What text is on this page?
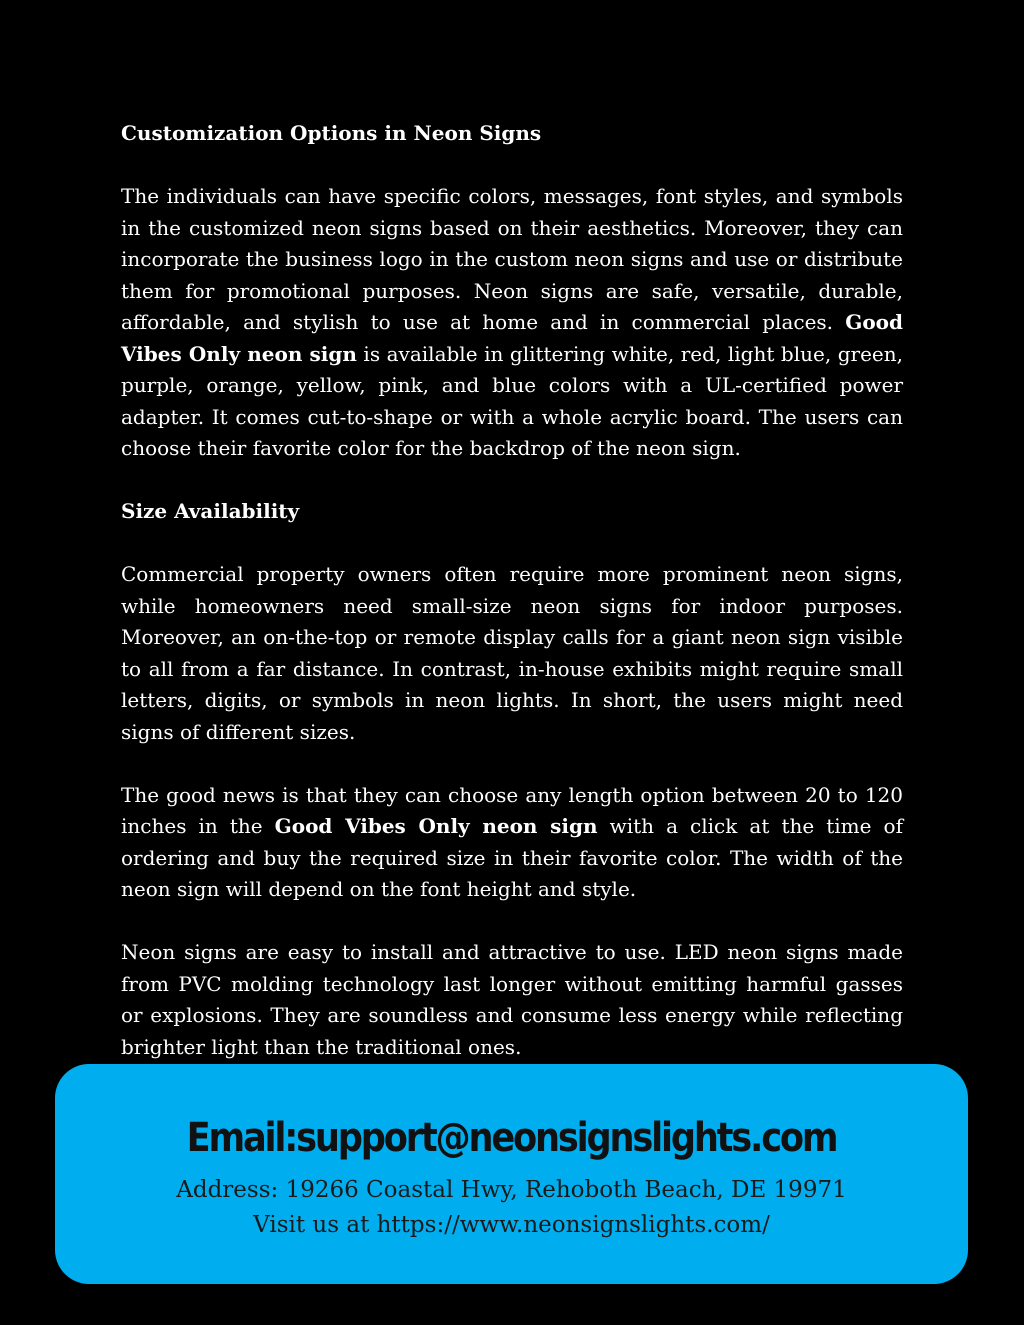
Customization Options in Neon Signs

The individuals can have specific colors, messages, font styles, and symbols in the customized neon signs based on their aesthetics. Moreover, they can incorporate the business logo in the custom neon signs and use or distribute them for promotional purposes. Neon signs are safe, versatile, durable, affordable, and stylish to use at home and in commercial places. Good Vibes Only neon sign is available in glittering white, red, light blue, green, purple, orange, yellow, pink, and blue colors with a UL-certified power adapter. It comes cut-to-shape or with a whole acrylic board. The users can choose their favorite color for the backdrop of the neon sign.

Size Availability

Commercial property owners often require more prominent neon signs, while homeowners need small-size neon signs for indoor purposes. Moreover, an on-the-top or remote display calls for a giant neon sign visible to all from a far distance. In contrast, in-house exhibits might require small letters, digits, or symbols in neon lights. In short, the users might need signs of different sizes.

The good news is that they can choose any length option between 20 to 120 inches in the Good Vibes Only neon sign with a click at the time of ordering and buy the required size in their favorite color. The width of the neon sign will depend on the font height and style.

Neon signs are easy to install and attractive to use. LED neon signs made from PVC molding technology last longer without emitting harmful gasses or explosions. They are soundless and consume less energy while reflecting brighter light than the traditional ones.

Email:support@neonsignslights.com
Address: 19266 Coastal Hwy, Rehoboth Beach, DE 19971
Visit us at https://www.neonsignslights.com/
